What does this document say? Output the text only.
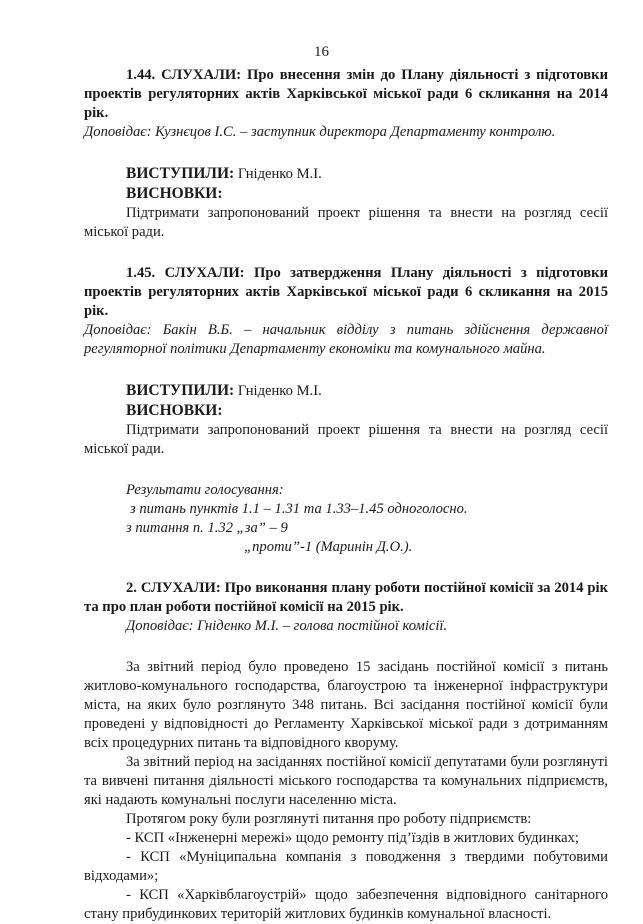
16

1.44. СЛУХАЛИ: Про внесення змін до Плану діяльності з підготовки проектів регуляторних актів Харківської міської ради 6 скликання на 2014 рік.

Доповідає: Кузнєцов І.С. – заступник директора Департаменту контролю.

ВИСТУПИЛИ: Гніденко М.І.

ВИСНОВКИ:

Підтримати запропонований проект рішення та внести на розгляд сесії міської ради.

1.45. СЛУХАЛИ: Про затвердження Плану діяльності з підготовки проектів регуляторних актів Харківської міської ради 6 скликання на 2015 рік.

Доповідає: Бакін В.Б. – начальник відділу з питань здійснення державної регуляторної політики Департаменту економіки та комунального майна.

ВИСТУПИЛИ: Гніденко М.І.

ВИСНОВКИ:

Підтримати запропонований проект рішення та внести на розгляд сесії міської ради.

Результати голосування:

з питань пунктів 1.1 – 1.31 та 1.33–1.45 одноголосно.

з питання п. 1.32 „за” – 9

„проти”-1 (Маринін Д.О.).

2. СЛУХАЛИ: Про виконання плану роботи постійної комісії за 2014 рік та про план роботи постійної комісії на 2015 рік.

Доповідає: Гніденко М.І. – голова постійної комісії.

За звітний період було проведено 15 засідань постійної комісії з питань житлово-комунального господарства, благоустрою та інженерної інфраструктури міста, на яких було розглянуто 348 питань. Всі засідання постійної комісії були проведені у відповідності до Регламенту Харківської міської ради з дотриманням всіх процедурних питань та відповідного кворуму.

За звітний період на засіданнях постійної комісії депутатами були розглянуті та вивчені питання діяльності міського господарства та комунальних підприємств, які надають комунальні послуги населенню міста.

Протягом року були розглянуті питання про роботу підприємств:

- КСП «Інженерні мережі» щодо ремонту під’їздів в житлових будинках;

- КСП «Муніципальна компанія з поводження з твердими побутовими відходами»;

- КСП «Харківблагоустрій» щодо забезпечення відповідного санітарного стану прибудинкових територій житлових будинків комунальної власності.
